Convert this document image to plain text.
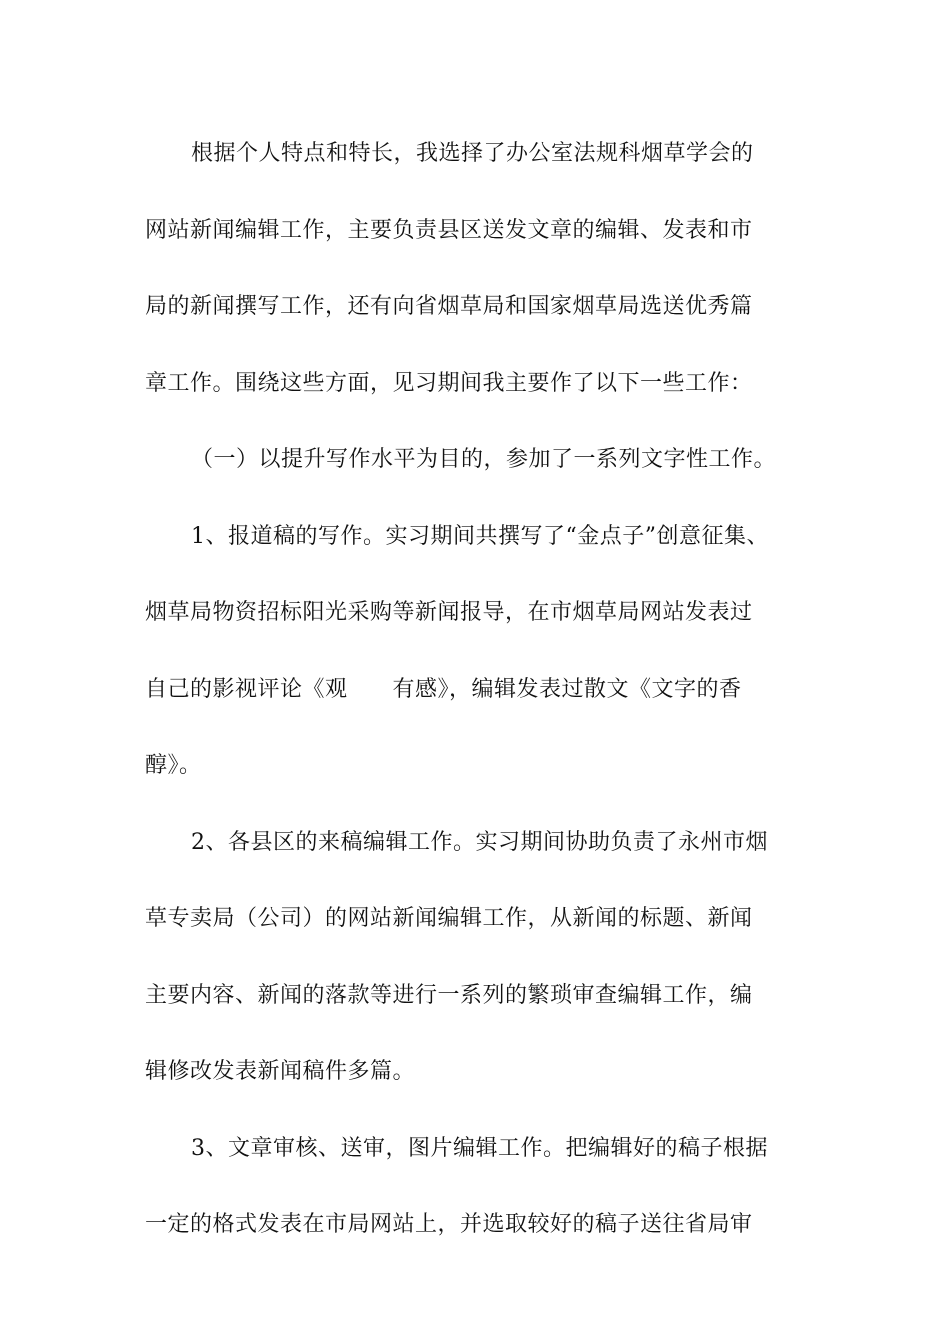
根据个人特点和特长，我选择了办公室法规科烟草学会的
网站新闻编辑工作，主要负责县区送发文章的编辑、发表和市
局的新闻撰写工作，还有向省烟草局和国家烟草局选送优秀篇
章工作。围绕这些方面，见习期间我主要作了以下一些工作：
（一）以提升写作水平为目的，参加了一系列文字性工作。
1、报道稿的写作。实习期间共撰写了“金点子”创意征集、
烟草局物资招标阳光采购等新闻报导，在市烟草局网站发表过
自己的影视评论《观　　有感》，编辑发表过散文《文字的香
醇》。
2、各县区的来稿编辑工作。实习期间协助负责了永州市烟
草专卖局（公司）的网站新闻编辑工作，从新闻的标题、新闻
主要内容、新闻的落款等进行一系列的繁琐审查编辑工作，编
辑修改发表新闻稿件多篇。
3、文章审核、送审，图片编辑工作。把编辑好的稿子根据
一定的格式发表在市局网站上，并选取较好的稿子送往省局审
